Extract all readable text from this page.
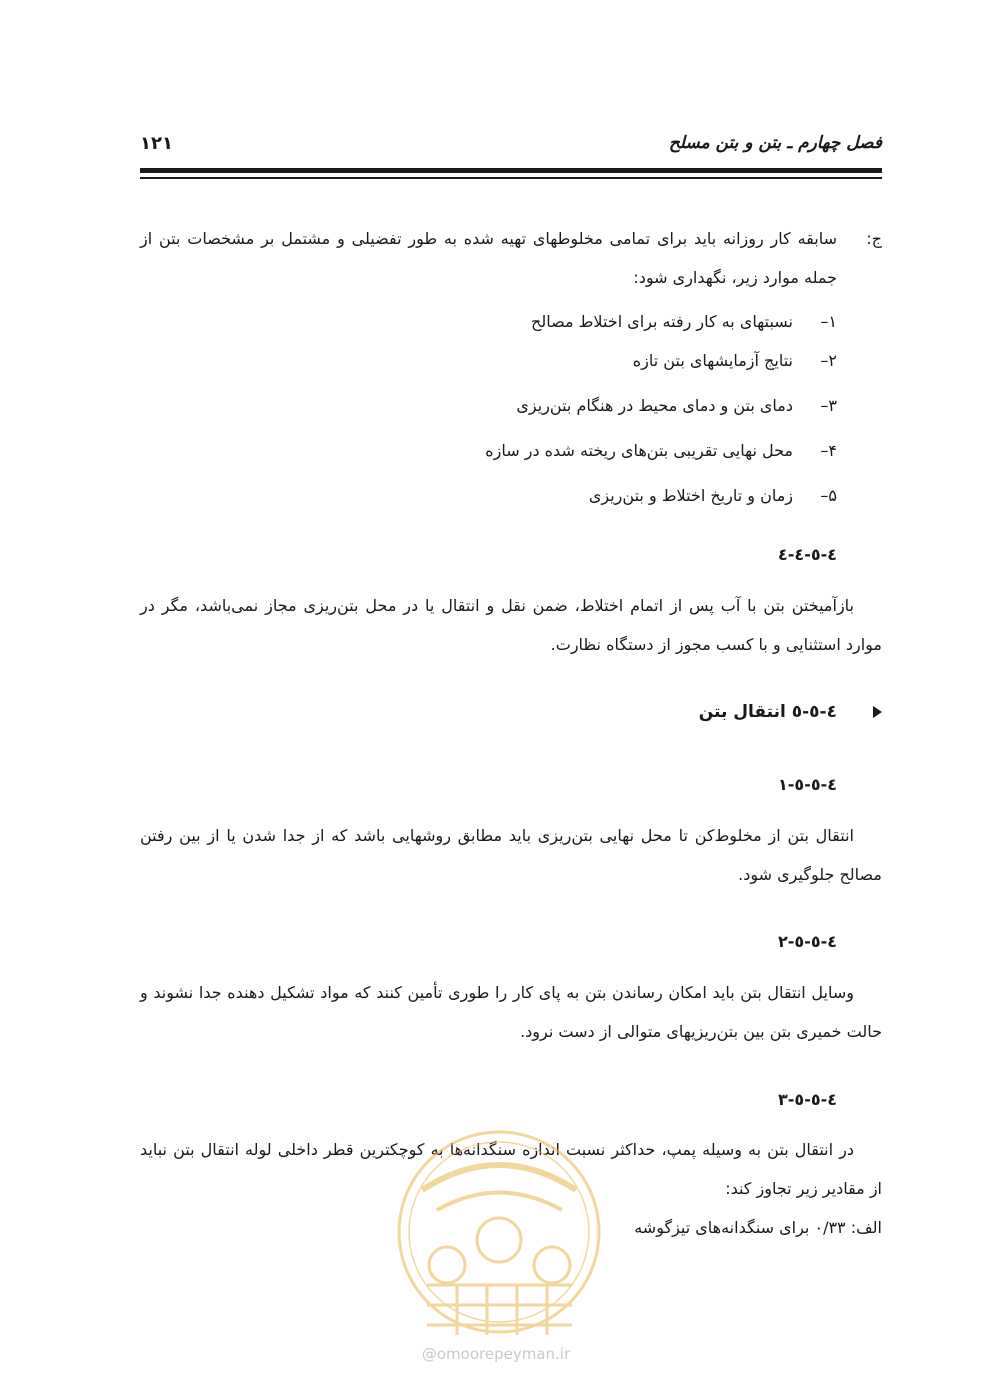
فصل چهارم ـ بتن و بتن مسلح
۱۲۱
ج:
سابقه کار روزانه باید برای تمامی مخلوطهای تهیه شده به طور تفضیلی و مشتمل بر مشخصات بتن از جمله موارد زیر، نگهداری شود:
۱–نسبتهای به کار رفته برای اختلاط مصالح
۲–نتایج آزمایشهای بتن تازه
۳–دمای بتن و دمای محیط در هنگام بتن‌ریزی
۴–محل نهایی تقریبی بتن‌های ریخته شده در سازه
۵–زمان و تاریخ اختلاط و بتن‌ریزی
٤-٥-٤-٤
بازآمیختن بتن با آب پس از اتمام اختلاط، ضمن نقل و انتقال یا در محل بتن‌ریزی مجاز نمی‌باشد، مگر در موارد استثنایی و با کسب مجوز از دستگاه نظارت.
٤-٥-٥ انتقال بتن
٤-٥-٥-١
انتقال بتن از مخلوط‌کن تا محل نهایی بتن‌ریزی باید مطابق روشهایی باشد که از جدا شدن یا از بین رفتن مصالح جلوگیری شود.
٤-٥-٥-٢
وسایل انتقال بتن باید امکان رساندن بتن به پای کار را طوری تأمین کنند که مواد تشکیل دهنده جدا نشوند و حالت خمیری بتن بین بتن‌ریزیهای متوالی از دست نرود.
٤-٥-٥-٣
در انتقال بتن به وسیله پمپ، حداکثر نسبت اندازه سنگدانه‌ها به کوچکترین قطر داخلی لوله انتقال بتن نباید از مقادیر زیر تجاوز کند:
الف: ۰/۳۳ برای سنگدانه‌های تیزگوشه
@omoorepeyman.ir
